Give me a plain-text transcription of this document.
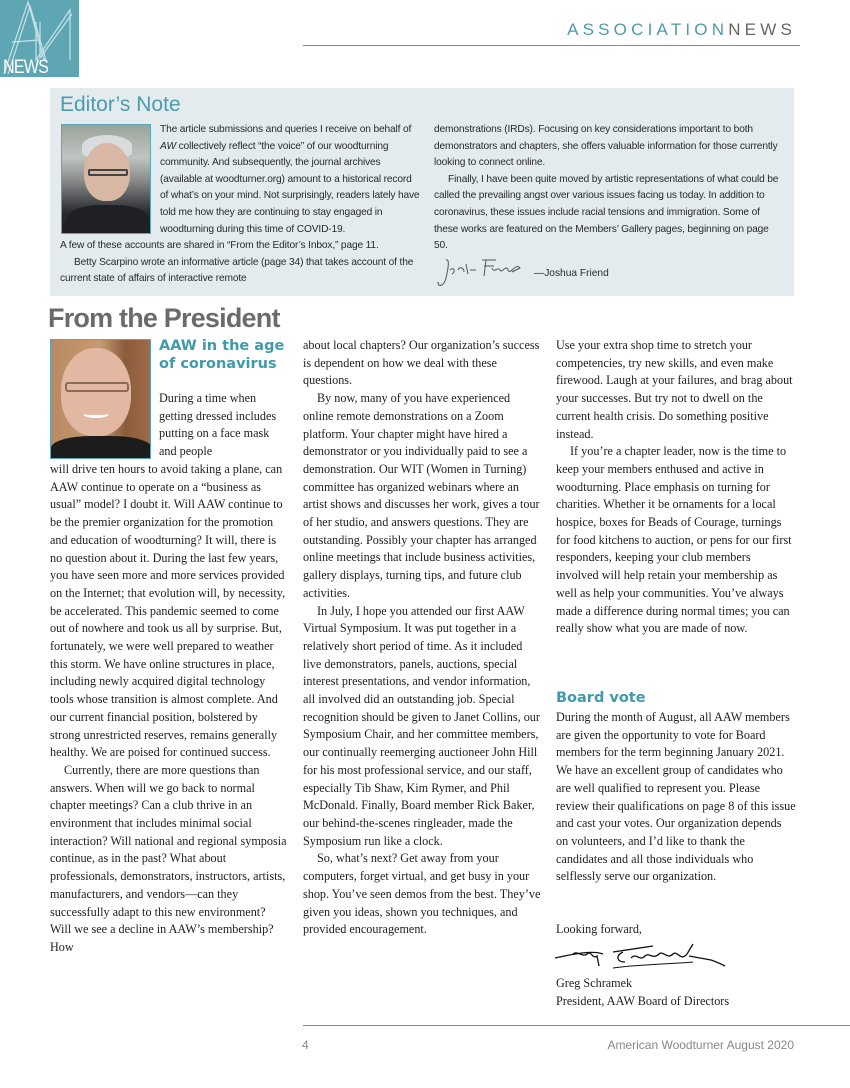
NEWS
ASSOCIATIONNEWS
Editor’s Note

The article submissions and queries I receive on behalf of AW collectively reflect “the voice” of our woodturning community. And subsequently, the journal archives (available at woodturner.org) amount to a historical record of what’s on your mind. Not surprisingly, readers lately have told me how they are continuing to stay engaged in woodturning during this time of COVID-19.

A few of these accounts are shared in “From the Editor’s Inbox,” page 11.

Betty Scarpino wrote an informative article (page 34) that takes account of the current state of affairs of interactive remote

demonstrations (IRDs). Focusing on key considerations important to both demonstrators and chapters, she offers valuable information for those currently looking to connect online.

Finally, I have been quite moved by artistic representations of what could be called the prevailing angst over various issues facing us today. In addition to coronavirus, these issues include racial tensions and immigration. Some of these works are featured on the Members’ Gallery pages, beginning on page 50.

—Joshua Friend
From the President
AAW in the age of coronavirus

During a time when getting dressed includes putting on a face mask and people

will drive ten hours to avoid taking a plane, can AAW continue to operate on a “business as usual” model? I doubt it. Will AAW continue to be the premier organization for the promotion and education of woodturning? It will, there is no question about it. During the last few years, you have seen more and more services provided on the Internet; that evolution will, by necessity, be accelerated. This pandemic seemed to come out of nowhere and took us all by surprise. But, fortunately, we were well prepared to weather this storm. We have online structures in place, including newly acquired digital technology tools whose transition is almost complete. And our current financial position, bolstered by strong unrestricted reserves, remains generally healthy. We are poised for continued success.

Currently, there are more questions than answers. When will we go back to normal chapter meetings? Can a club thrive in an environment that includes minimal social interaction? Will national and regional symposia continue, as in the past? What about professionals, demonstrators, instructors, artists, manufacturers, and vendors—can they successfully adapt to this new environment? Will we see a decline in AAW’s membership? How

about local chapters? Our organization’s success is dependent on how we deal with these questions.

By now, many of you have experienced online remote demonstrations on a Zoom platform. Your chapter might have hired a demonstrator or you individually paid to see a demonstration. Our WIT (Women in Turning) committee has organized webinars where an artist shows and discusses her work, gives a tour of her studio, and answers questions. They are outstanding. Possibly your chapter has arranged online meetings that include business activities, gallery displays, turning tips, and future club activities.

In July, I hope you attended our first AAW Virtual Symposium. It was put together in a relatively short period of time. As it included live demonstrators, panels, auctions, special interest presentations, and vendor information, all involved did an outstanding job. Special recognition should be given to Janet Collins, our Symposium Chair, and her committee members, our continually reemerging auctioneer John Hill for his most professional service, and our staff, especially Tib Shaw, Kim Rymer, and Phil McDonald. Finally, Board member Rick Baker, our behind-the-scenes ringleader, made the Symposium run like a clock.

So, what’s next? Get away from your computers, forget virtual, and get busy in your shop. You’ve seen demos from the best. They’ve given you ideas, shown you techniques, and provided encouragement.

Use your extra shop time to stretch your competencies, try new skills, and even make firewood. Laugh at your failures, and brag about your successes. But try not to dwell on the current health crisis. Do something positive instead.

If you’re a chapter leader, now is the time to keep your members enthused and active in woodturning. Place emphasis on turning for charities. Whether it be ornaments for a local hospice, boxes for Beads of Courage, turnings for food kitchens to auction, or pens for our first responders, keeping your club members involved will help retain your membership as well as help your communities. You’ve always made a difference during normal times; you can really show what you are made of now.

Board vote

During the month of August, all AAW members are given the opportunity to vote for Board members for the term beginning January 2021. We have an excellent group of candidates who are well qualified to represent you. Please review their qualifications on page 8 of this issue and cast your votes. Our organization depends on volunteers, and I’d like to thank the candidates and all those individuals who selflessly serve our organization.

Looking forward,

Greg Schramek

President, AAW Board of Directors

4	American Woodturner August 2020
